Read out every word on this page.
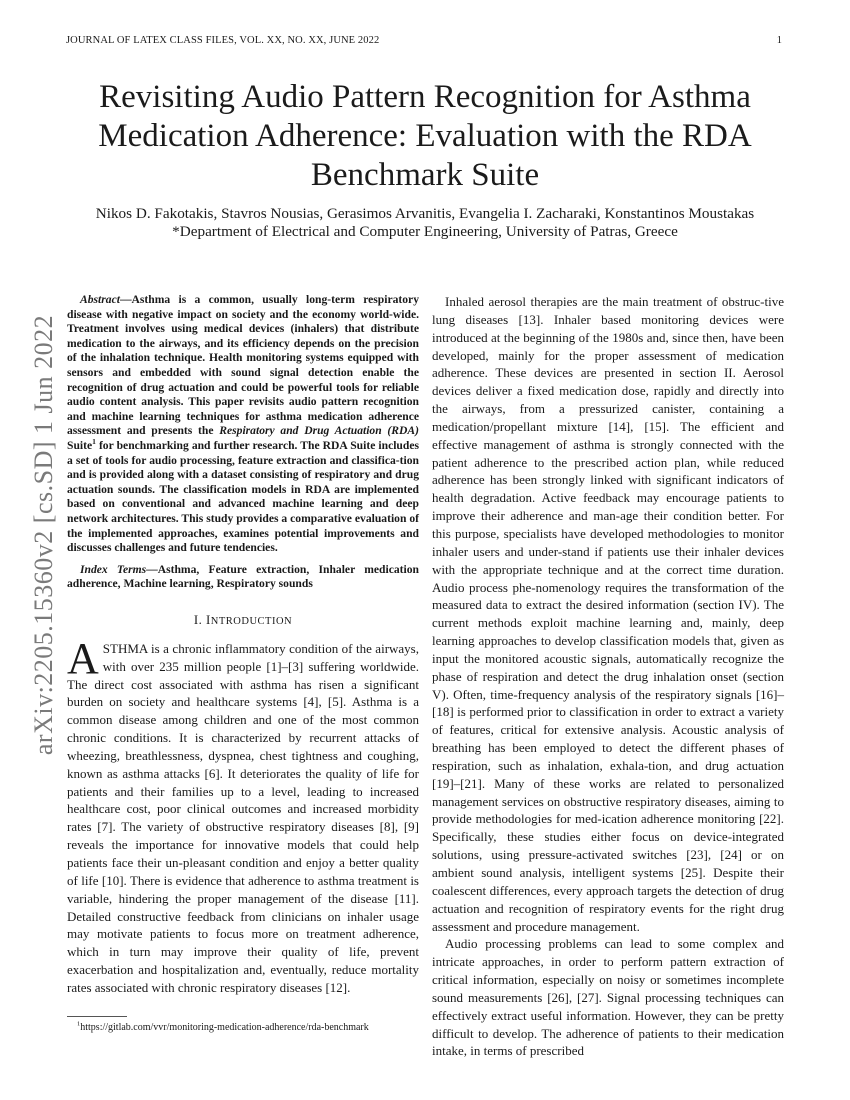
JOURNAL OF LATEX CLASS FILES, VOL. XX, NO. XX, JUNE 2022	1
arXiv:2205.15360v2 [cs.SD] 1 Jun 2022
Revisiting Audio Pattern Recognition for Asthma Medication Adherence: Evaluation with the RDA Benchmark Suite
Nikos D. Fakotakis, Stavros Nousias, Gerasimos Arvanitis, Evangelia I. Zacharaki, Konstantinos Moustakas
*Department of Electrical and Computer Engineering, University of Patras, Greece

Abstract—Asthma is a common, usually long-term respiratory disease with negative impact on society and the economy world-wide. Treatment involves using medical devices (inhalers) that distribute medication to the airways, and its efficiency depends on the precision of the inhalation technique. Health monitoring systems equipped with sensors and embedded with sound signal detection enable the recognition of drug actuation and could be powerful tools for reliable audio content analysis. This paper revisits audio pattern recognition and machine learning techniques for asthma medication adherence assessment and presents the Respiratory and Drug Actuation (RDA) Suite$^1$ for benchmarking and further research. The RDA Suite includes a set of tools for audio processing, feature extraction and classifica-tion and is provided along with a dataset consisting of respiratory and drug actuation sounds. The classification models in RDA are implemented based on conventional and advanced machine learning and deep network architectures. This study provides a comparative evaluation of the implemented approaches, examines potential improvements and discusses challenges and future tendencies.

Index Terms—Asthma, Feature extraction, Inhaler medication adherence, Machine learning, Respiratory sounds

I. INTRODUCTION

ASTHMA is a chronic inflammatory condition of the airways, with over 235 million people [1]–[3] suffering worldwide. The direct cost associated with asthma has risen a significant burden on society and healthcare systems [4], [5]. Asthma is a common disease among children and one of the most common chronic conditions. It is characterized by recurrent attacks of wheezing, breathlessness, dyspnea, chest tightness and coughing, known as asthma attacks [6]. It deteriorates the quality of life for patients and their families up to a level, leading to increased healthcare cost, poor clinical outcomes and increased morbidity rates [7]. The variety of obstructive respiratory diseases [8], [9] reveals the importance for innovative models that could help patients face their un-pleasant condition and enjoy a better quality of life [10]. There is evidence that adherence to asthma treatment is variable, hindering the proper management of the disease [11]. Detailed constructive feedback from clinicians on inhaler usage may motivate patients to focus more on treatment adherence, which in turn may improve their quality of life, prevent exacerbation and hospitalization and, eventually, reduce mortality rates associated with chronic respiratory diseases [12].

$^1$https://gitlab.com/vvr/monitoring-medication-adherence/rda-benchmark

Inhaled aerosol therapies are the main treatment of obstruc-tive lung diseases [13]. Inhaler based monitoring devices were introduced at the beginning of the 1980s and, since then, have been developed, mainly for the proper assessment of medication adherence. These devices are presented in section II. Aerosol devices deliver a fixed medication dose, rapidly and directly into the airways, from a pressurized canister, containing a medication/propellant mixture [14], [15]. The efficient and effective management of asthma is strongly connected with the patient adherence to the prescribed action plan, while reduced adherence has been strongly linked with significant indicators of health degradation. Active feedback may encourage patients to improve their adherence and man-age their condition better. For this purpose, specialists have developed methodologies to monitor inhaler users and under-stand if patients use their inhaler devices with the appropriate technique and at the correct time duration. Audio process phe-nomenology requires the transformation of the measured data to extract the desired information (section IV). The current methods exploit machine learning and, mainly, deep learning approaches to develop classification models that, given as input the monitored acoustic signals, automatically recognize the phase of respiration and detect the drug inhalation onset (section V). Often, time-frequency analysis of the respiratory signals [16]–[18] is performed prior to classification in order to extract a variety of features, critical for extensive analysis. Acoustic analysis of breathing has been employed to detect the different phases of respiration, such as inhalation, exhala-tion, and drug actuation [19]–[21]. Many of these works are related to personalized management services on obstructive respiratory diseases, aiming to provide methodologies for med-ication adherence monitoring [22]. Specifically, these studies either focus on device-integrated solutions, using pressure-activated switches [23], [24] or on ambient sound analysis, intelligent systems [25]. Despite their coalescent differences, every approach targets the detection of drug actuation and recognition of respiratory events for the right drug assessment and procedure management.

Audio processing problems can lead to some complex and intricate approaches, in order to perform pattern extraction of critical information, especially on noisy or sometimes incomplete sound measurements [26], [27]. Signal processing techniques can effectively extract useful information. However, they can be pretty difficult to develop. The adherence of patients to their medication intake, in terms of prescribed
